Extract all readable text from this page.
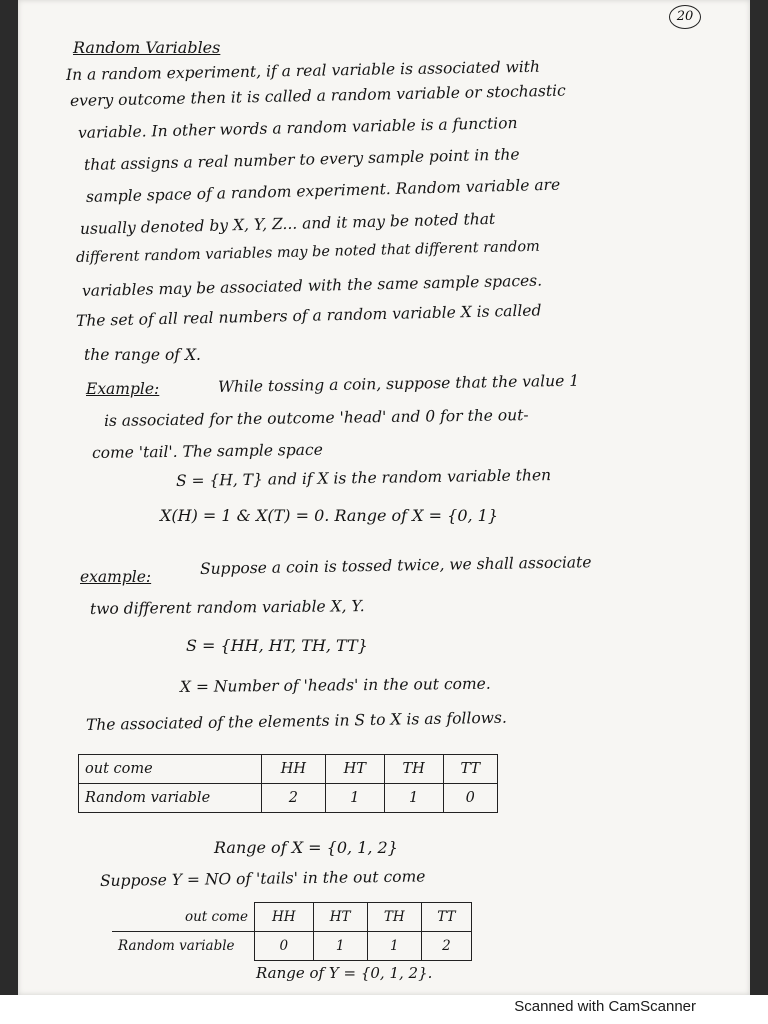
Scanned with CamScanner
20
Random Variables
In a random experiment, if a real variable is associated with
every outcome then it is called a random variable or stochastic
variable. In other words a random variable is a function
that assigns a real number to every sample point in the
sample space of a random experiment. Random variable are
usually denoted by X, Y, Z... and it may be noted that
different random variables may be noted that different random
variables may be associated with the same sample spaces.
The set of all real numbers of a random variable X is called
the range of X.
Example:	While tossing a coin, suppose that the value 1
is associated for the outcome 'head' and 0 for the out-
come 'tail'. The sample space
S = {H, T} and if X is the random variable then
X(H) = 1 & X(T) = 0. Range of X = {0, 1}
example:	Suppose a coin is tossed twice, we shall associate
two different random variable X, Y.
S = {HH, HT, TH, TT}
X = Number of 'heads' in the out come.
The associated of the elements in S to X is as follows.
out come	HH	HT	TH	TT
Random variable	2	1	1	0
Range of X = {0, 1, 2}
Suppose Y = NO of 'tails' in the out come
out come	HH	HT	TH	TT
Random variable	0	1	1	2
Range of Y = {0, 1, 2}.
